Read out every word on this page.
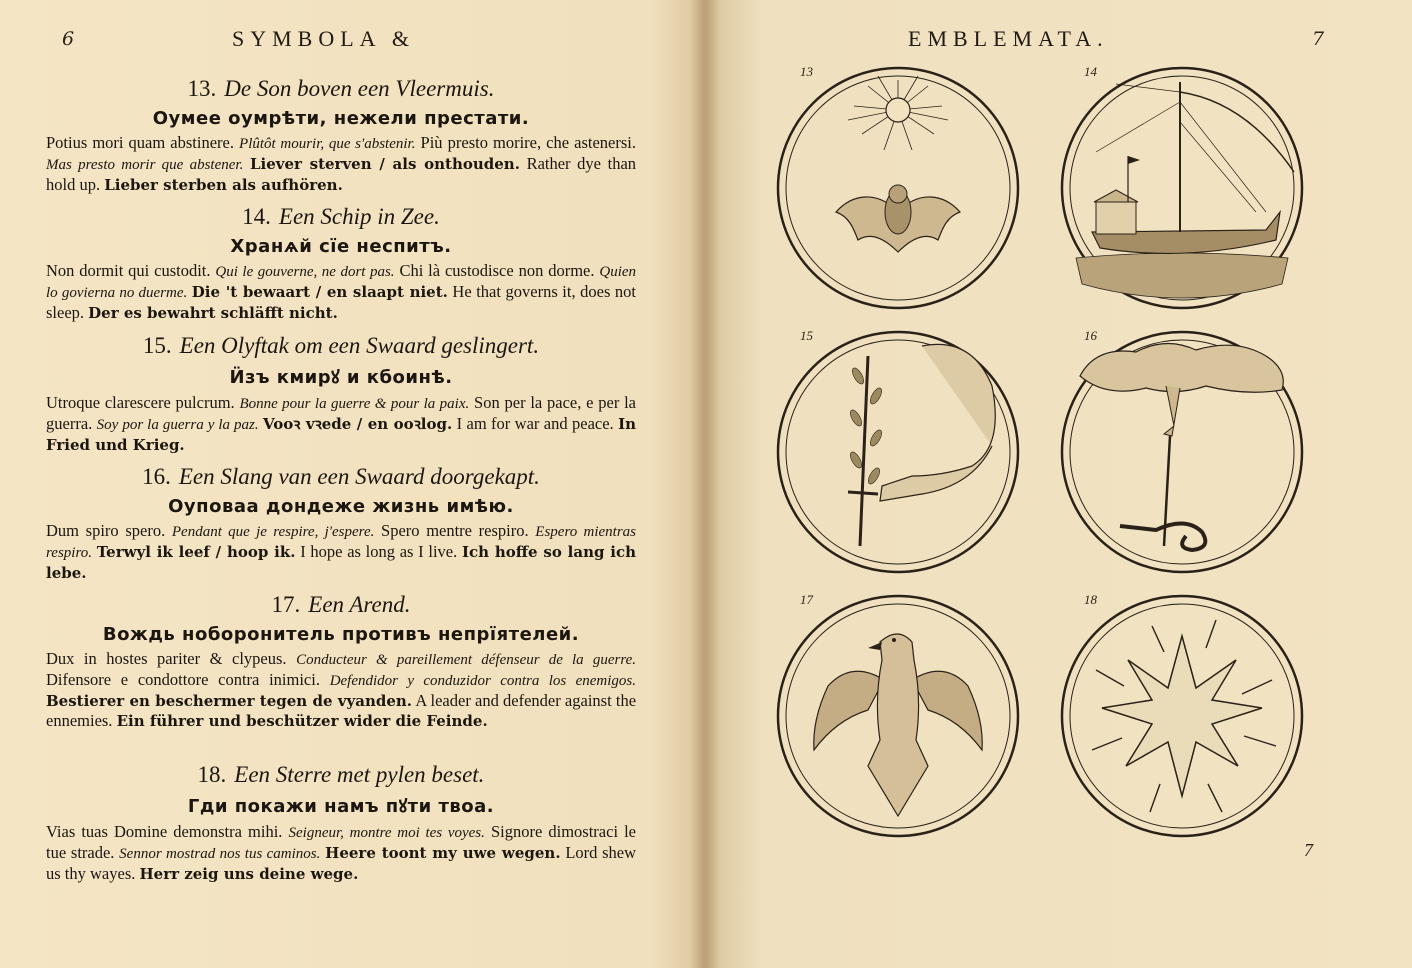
6	SYMBOLA &

13. De Son boven een Vleermuis.

Оумее оумрѣти, нежели престати.

Potius mori quam abstinere. Plûtôt mourir, que s'abstenir. Più presto morire, che astenersi. Mas presto morir que abstener. Liever sterven / als onthouden. Rather dye than hold up. Lieber sterben als aufhören.

14. Een Schip in Zee.

Хранѧй сїе неспитъ.

Non dormit qui custodit. Qui le gouverne, ne dort pas. Chi là custodisce non dorme. Quien lo govierna no duerme. Die 't bewaart / en slaapt niet. He that governs it, does not sleep. Der es bewahrt schläfft nicht.

15. Een Olyftak om een Swaard geslingert.

Ӥзъ кмирꙋ и кбоинѣ.

Utroque clarescere pulcrum. Bonne pour la guerre & pour la paix. Son per la pace, e per la guerra. Soy por la guerra y la paz. Vooꝛ vꝛede / en ooꝛlog. I am for war and peace. In Fried und Krieg.

16. Een Slang van een Swaard doorgekapt.

Оуповаа дондеже жизнь имѣю.

Dum spiro spero. Pendant que je respire, j'espere. Spero mentre respiro. Espero mientras respiro. Terwyl ik leef / hoop ik. I hope as long as I live. Ich hoffe so lang ich lebe.

17. Een Arend.

Вождь ноборонитель противъ непрїятелей.

Dux in hostes pariter & clypeus. Conducteur & pareillement défenseur de la guerre. Difensore e condottore contra inimici. Defendidor y conduzidor contra los enemigos. Bestierer en beschermer tegen de vyanden. A leader and defender against the ennemies. Ein führer und beschützer wider die Feinde.

18. Een Sterre met pylen beset.

Гди покажи намъ пꙋти твоа.

Vias tuas Domine demonstra mihi. Seigneur, montre moi tes voyes. Signore dimostraci le tue strade. Sennor mostrad nos tus caminos. Heere toont my uwe wegen. Lord shew us thy wayes. Herr zeig uns deine wege.

EMBLEMATA.	7
13	14
15	16
17	18
7
